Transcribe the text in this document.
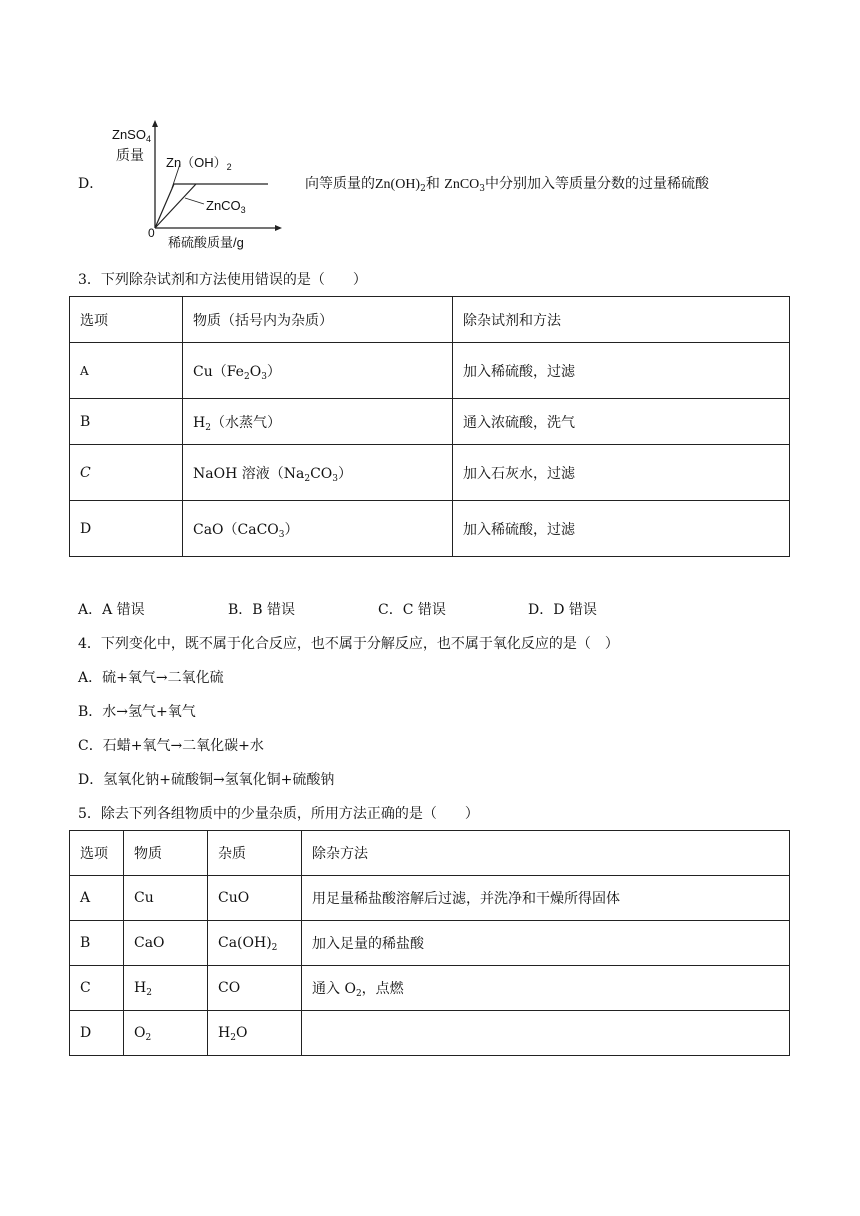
D．
ZnSO$_4$
质量 $Zn(OH)_2$
ZnCO$_3$
0
稀硫酸质量/g
向等质量的$Zn(OH)_2$和 ZnCO$_3$中分别加入等质量分数的过量稀硫酸
3．下列除杂试剂和方法使用错误的是（　　）
选项	物质（括号内为杂质）	除杂试剂和方法
A	$Cu(Fe_2O_3)$	加入稀硫酸，过滤
B	$H_2$（水蒸气）	通入浓硫酸，洗气
C	NaOH 溶液$(Na_2CO_3)$	加入石灰水，过滤
D	CaO（CaCO$_3$）	加入稀硫酸，过滤
A．A 错误	B．B 错误	C．C 错误	D．D 错误
4．下列变化中，既不属于化合反应，也不属于分解反应，也不属于氧化反应的是（　）
A．硫+氧气→二氧化硫
B．水→氢气+氧气
C．石蜡+氧气→二氧化碳+水
D．氢氧化钠+硫酸铜→氢氧化铜+硫酸钠
5．除去下列各组物质中的少量杂质，所用方法正确的是（　　）
选项	物质	杂质	除杂方法
A	Cu	CuO	用足量稀盐酸溶解后过滤，并洗净和干燥所得固体
B	CaO	$Ca(OH)_2$	加入足量的稀盐酸
C	$H_2$	CO	通入 $O_2$，点燃
D	$O_2$	$H_2O$	
